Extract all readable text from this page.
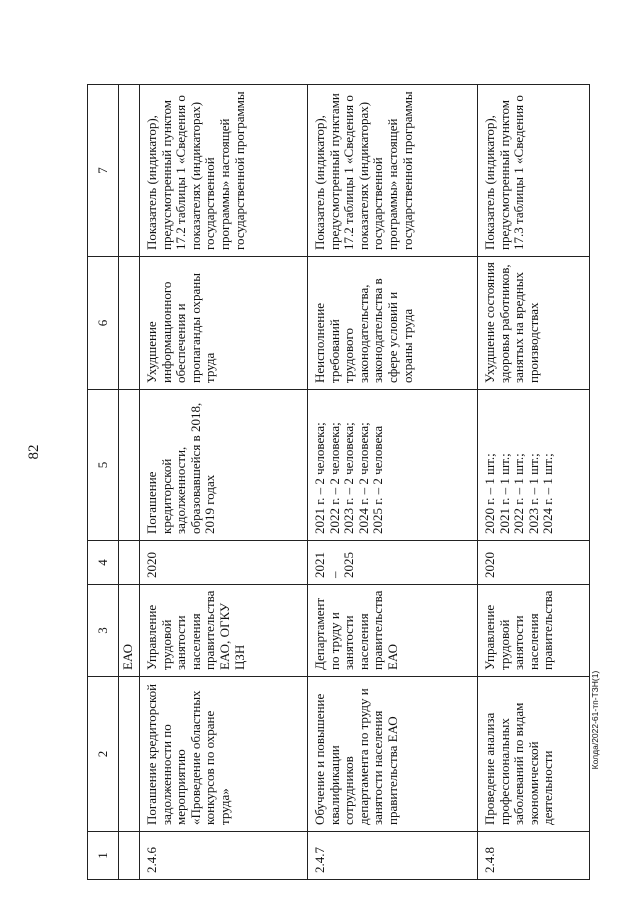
82
1	2	3	4	5	6	7
		ЕАО				
2.4.6	Погашение кредиторской задолженности по мероприятию «Проведение областных конкурсов по охране труда»	Управление трудовой занятости населения правительства ЕАО, ОГКУ ЦЗН	2020	Погашение кредиторской задолженности, образовавшейся в 2018, 2019 годах	Ухудшение информационного обеспечения и пропаганды охраны труда	Показатель (индикатор), предусмотренный пунктом 17.2 таблицы 1 «Сведения о показателях (индикаторах) государственной программы» настоящей государственной программы
2.4.7	Обучение и повышение квалификации сотрудников департамента по труду и занятости населения правительства ЕАО	Департамент по труду и занятости населения правительства ЕАО	2021 – 2025	2021 г. – 2 человека;
2022 г. – 2 человека;
2023 г. – 2 человека;
2024 г. – 2 человека;
2025 г. – 2 человека	Неисполнение требований трудового законодательства, законодательства в сфере условий и охраны труда	Показатель (индикатор), предусмотренный пунктами 17.2 таблицы 1 «Сведения о показателях (индикаторах) государственной программы» настоящей государственной программы
2.4.8	Проведение анализа профессиональных заболеваний по видам экономической деятельности	Управление трудовой занятости населения правительства	2020	2020 г. – 1 шт.;
2021 г. – 1 шт.;
2022 г. – 1 шт.;
2023 г. – 1 шт.;
2024 г. – 1 шт.;	Ухудшение состояния здоровья работников, занятых на вредных производствах	Показатель (индикатор), предусмотренный пунктом 17.3 таблицы 1 «Сведения о
Колда/2022-61-тп-ТЗН(1)
